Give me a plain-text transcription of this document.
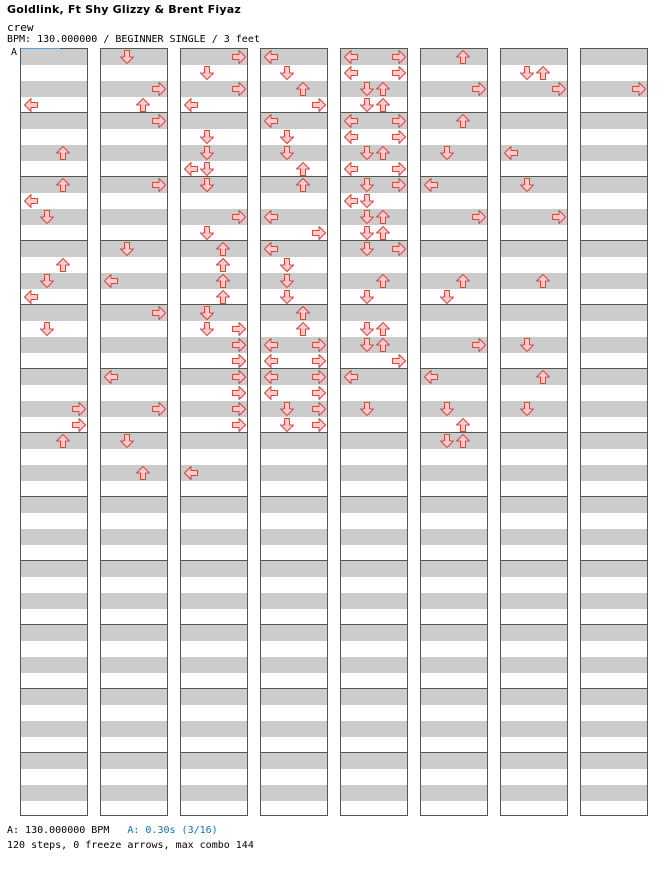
Goldlink, Ft Shy Glizzy & Brent Fiyaz
crew
BPM: 130.000000 / BEGINNER SINGLE / 3 feet
A
A: 130.000000 BPM A: 0.30s (3/16)
120 steps, 0 freeze arrows, max combo 144
